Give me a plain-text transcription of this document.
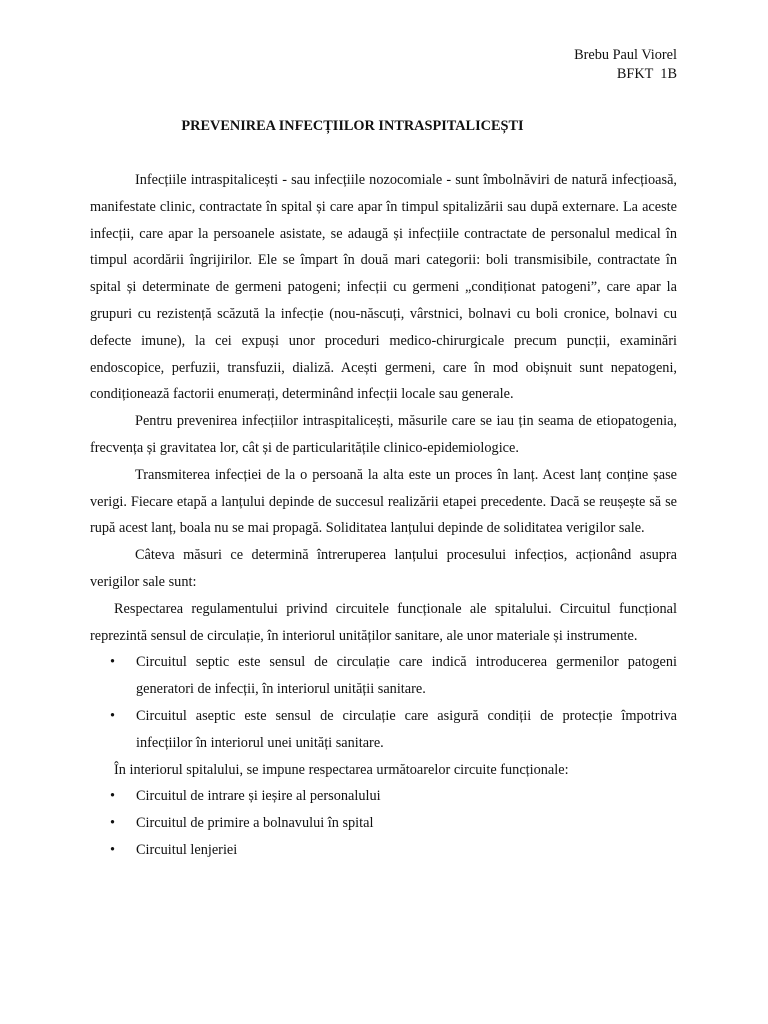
Brebu Paul Viorel
BFKT  1B
PREVENIREA INFECȚIILOR INTRASPITALICEȘTI

Infecțiile intraspitalicești - sau infecțiile nozocomiale - sunt îmbolnăviri de natură infecțioasă, manifestate clinic, contractate în spital și care apar în timpul spitalizării sau după externare. La aceste infecții, care apar la persoanele asistate, se adaugă și infecțiile contractate de personalul medical în timpul acordării îngrijirilor. Ele se împart în două mari categorii: boli transmisibile, contractate în spital și determinate de germeni patogeni; infecții cu germeni „condiționat patogeni”, care apar la grupuri cu rezistență scăzută la infecție (nou-născuți, vârstnici, bolnavi cu boli cronice, bolnavi cu defecte imune), la cei expuși unor proceduri medico-chirurgicale precum puncții, examinări endoscopice, perfuzii, transfuzii, dializă. Acești germeni, care în mod obișnuit sunt nepatogeni, condiționează factorii enumerați, determinând infecții locale sau generale.

Pentru prevenirea infecțiilor intraspitalicești, măsurile care se iau țin seama de etiopatogenia, frecvența și gravitatea lor, cât și de particularitățile clinico-epidemiologice.

Transmiterea infecției de la o persoană la alta este un proces în lanț. Acest lanț conține șase verigi. Fiecare etapă a lanțului depinde de succesul realizării etapei precedente. Dacă se reușește să se rupă acest lanț, boala nu se mai propagă. Soliditatea lanțului depinde de soliditatea verigilor sale.

Câteva măsuri ce determină întreruperea lanțului procesului infecțios, acționând asupra verigilor sale sunt:

Respectarea regulamentului privind circuitele funcționale ale spitalului. Circuitul funcțional reprezintă sensul de circulație, în interiorul unităților sanitare, ale unor materiale și instrumente.

•	Circuitul septic este sensul de circulație care indică introducerea germenilor patogeni generatori de infecții, în interiorul unității sanitare.
•	Circuitul aseptic este sensul de circulație care asigură condiții de protecție împotriva infecțiilor în interiorul unei unități sanitare.

În interiorul spitalului, se impune respectarea următoarelor circuite funcționale:

•	Circuitul de intrare și ieșire al personalului
•	Circuitul de primire a bolnavului în spital
•	Circuitul lenjeriei
